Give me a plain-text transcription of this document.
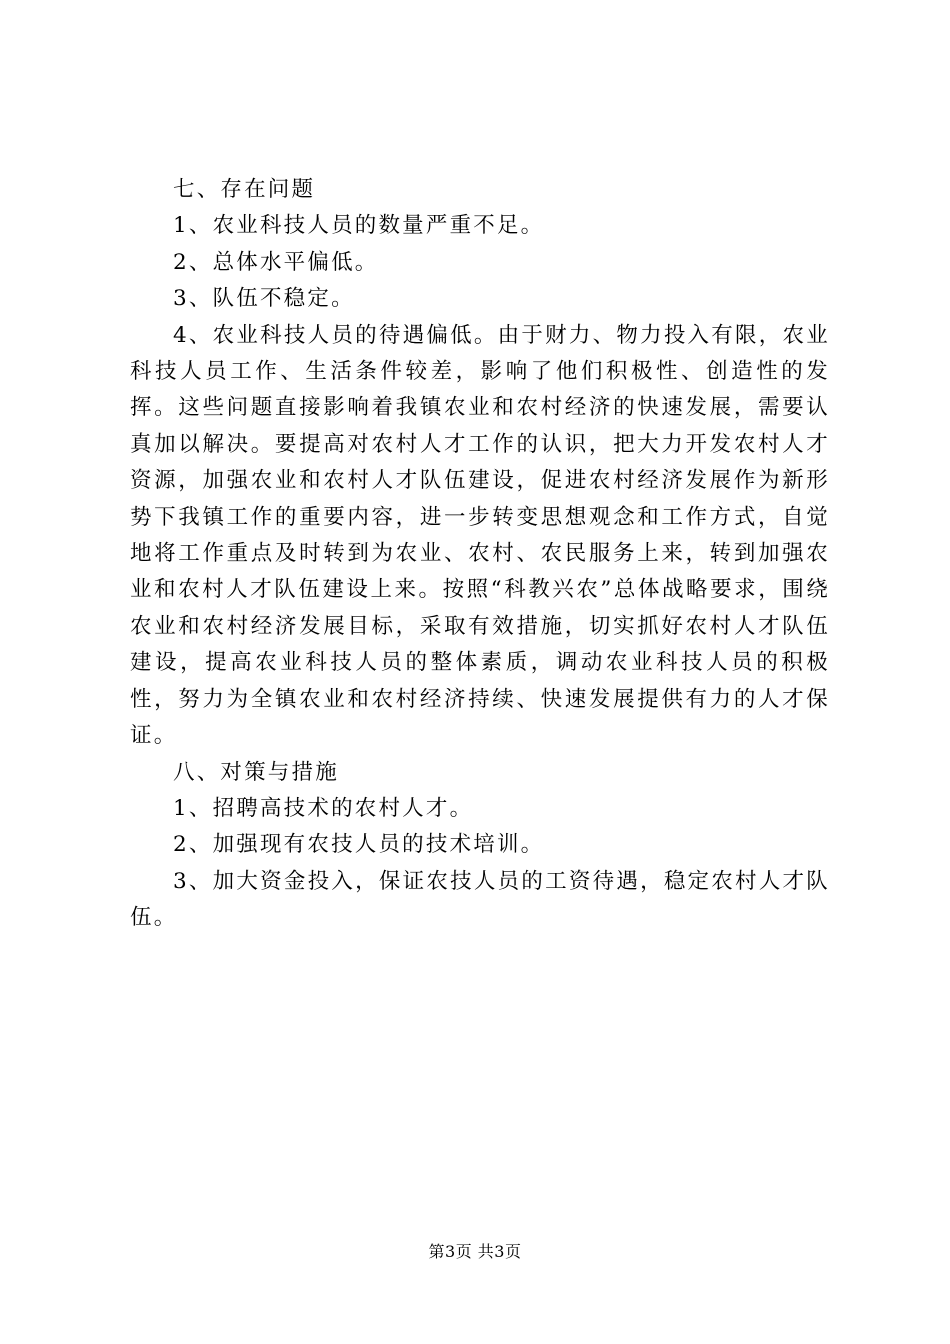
七、存在问题

1、农业科技人员的数量严重不足。

2、总体水平偏低。

3、队伍不稳定。

4、农业科技人员的待遇偏低。由于财力、物力投入有限，农业科技人员工作、生活条件较差，影响了他们积极性、创造性的发挥。这些问题直接影响着我镇农业和农村经济的快速发展，需要认真加以解决。要提高对农村人才工作的认识，把大力开发农村人才资源，加强农业和农村人才队伍建设，促进农村经济发展作为新形势下我镇工作的重要内容，进一步转变思想观念和工作方式，自觉地将工作重点及时转到为农业、农村、农民服务上来，转到加强农业和农村人才队伍建设上来。按照“科教兴农”总体战略要求，围绕农业和农村经济发展目标，采取有效措施，切实抓好农村人才队伍建设，提高农业科技人员的整体素质，调动农业科技人员的积极性，努力为全镇农业和农村经济持续、快速发展提供有力的人才保证。

八、对策与措施

1、招聘高技术的农村人才。

2、加强现有农技人员的技术培训。

3、加大资金投入，保证农技人员的工资待遇，稳定农村人才队伍。

第3页 共3页
